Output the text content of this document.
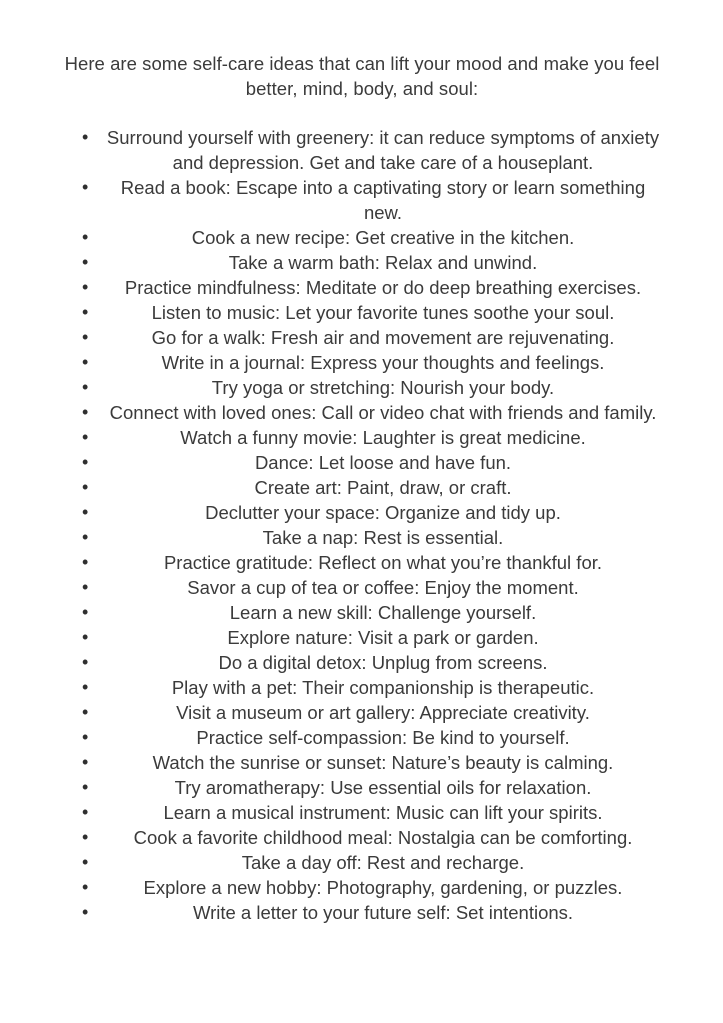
Here are some self-care ideas that can lift your mood and make you feel better, mind, body, and soul:

•	Surround yourself with greenery: it can reduce symptoms of anxiety and depression. Get and take care of a houseplant.
•	Read a book: Escape into a captivating story or learn something new.
•	Cook a new recipe: Get creative in the kitchen.
•	Take a warm bath: Relax and unwind.
•	Practice mindfulness: Meditate or do deep breathing exercises.
•	Listen to music: Let your favorite tunes soothe your soul.
•	Go for a walk: Fresh air and movement are rejuvenating.
•	Write in a journal: Express your thoughts and feelings.
•	Try yoga or stretching: Nourish your body.
•	Connect with loved ones: Call or video chat with friends and family.
•	Watch a funny movie: Laughter is great medicine.
•	Dance: Let loose and have fun.
•	Create art: Paint, draw, or craft.
•	Declutter your space: Organize and tidy up.
•	Take a nap: Rest is essential.
•	Practice gratitude: Reflect on what you’re thankful for.
•	Savor a cup of tea or coffee: Enjoy the moment.
•	Learn a new skill: Challenge yourself.
•	Explore nature: Visit a park or garden.
•	Do a digital detox: Unplug from screens.
•	Play with a pet: Their companionship is therapeutic.
•	Visit a museum or art gallery: Appreciate creativity.
•	Practice self-compassion: Be kind to yourself.
•	Watch the sunrise or sunset: Nature’s beauty is calming.
•	Try aromatherapy: Use essential oils for relaxation.
•	Learn a musical instrument: Music can lift your spirits.
•	Cook a favorite childhood meal: Nostalgia can be comforting.
•	Take a day off: Rest and recharge.
•	Explore a new hobby: Photography, gardening, or puzzles.
•	Write a letter to your future self: Set intentions.
